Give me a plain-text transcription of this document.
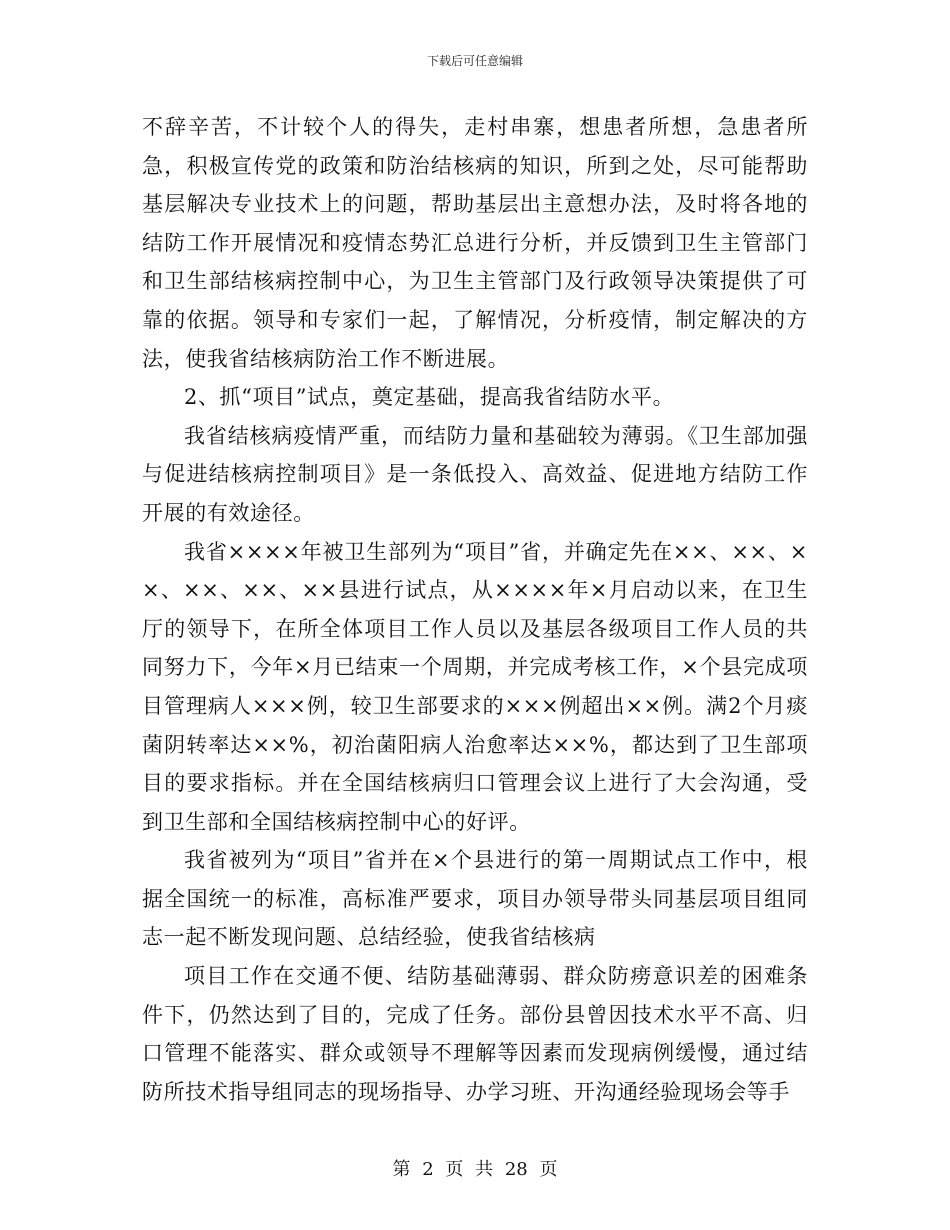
下载后可任意编辑

不辞辛苦，不计较个人的得失，走村串寨，想患者所想，急患者所急，积极宣传党的政策和防治结核病的知识，所到之处，尽可能帮助基层解决专业技术上的问题，帮助基层出主意想办法，及时将各地的结防工作开展情况和疫情态势汇总进行分析，并反馈到卫生主管部门和卫生部结核病控制中心，为卫生主管部门及行政领导决策提供了可靠的依据。领导和专家们一起，了解情况，分析疫情，制定解决的方法，使我省结核病防治工作不断进展。

2、抓“项目”试点，奠定基础，提高我省结防水平。

我省结核病疫情严重，而结防力量和基础较为薄弱。《卫生部加强与促进结核病控制项目》是一条低投入、高效益、促进地方结防工作开展的有效途径。

我省××××年被卫生部列为“项目”省，并确定先在××、××、××、××、××、××县进行试点，从××××年×月启动以来，在卫生厅的领导下，在所全体项目工作人员以及基层各级项目工作人员的共同努力下，今年×月已结束一个周期，并完成考核工作，×个县完成项目管理病人×××例，较卫生部要求的×××例超出××例。满2个月痰菌阴转率达××%，初治菌阳病人治愈率达××%，都达到了卫生部项目的要求指标。并在全国结核病归口管理会议上进行了大会沟通，受到卫生部和全国结核病控制中心的好评。

我省被列为“项目”省并在×个县进行的第一周期试点工作中，根据全国统一的标准，高标准严要求，项目办领导带头同基层项目组同志一起不断发现问题、总结经验，使我省结核病

项目工作在交通不便、结防基础薄弱、群众防痨意识差的困难条件下，仍然达到了目的，完成了任务。部份县曾因技术水平不高、归口管理不能落实、群众或领导不理解等因素而发现病例缓慢，通过结防所技术指导组同志的现场指导、办学习班、开沟通经验现场会等手

第 2 页 共 28 页
